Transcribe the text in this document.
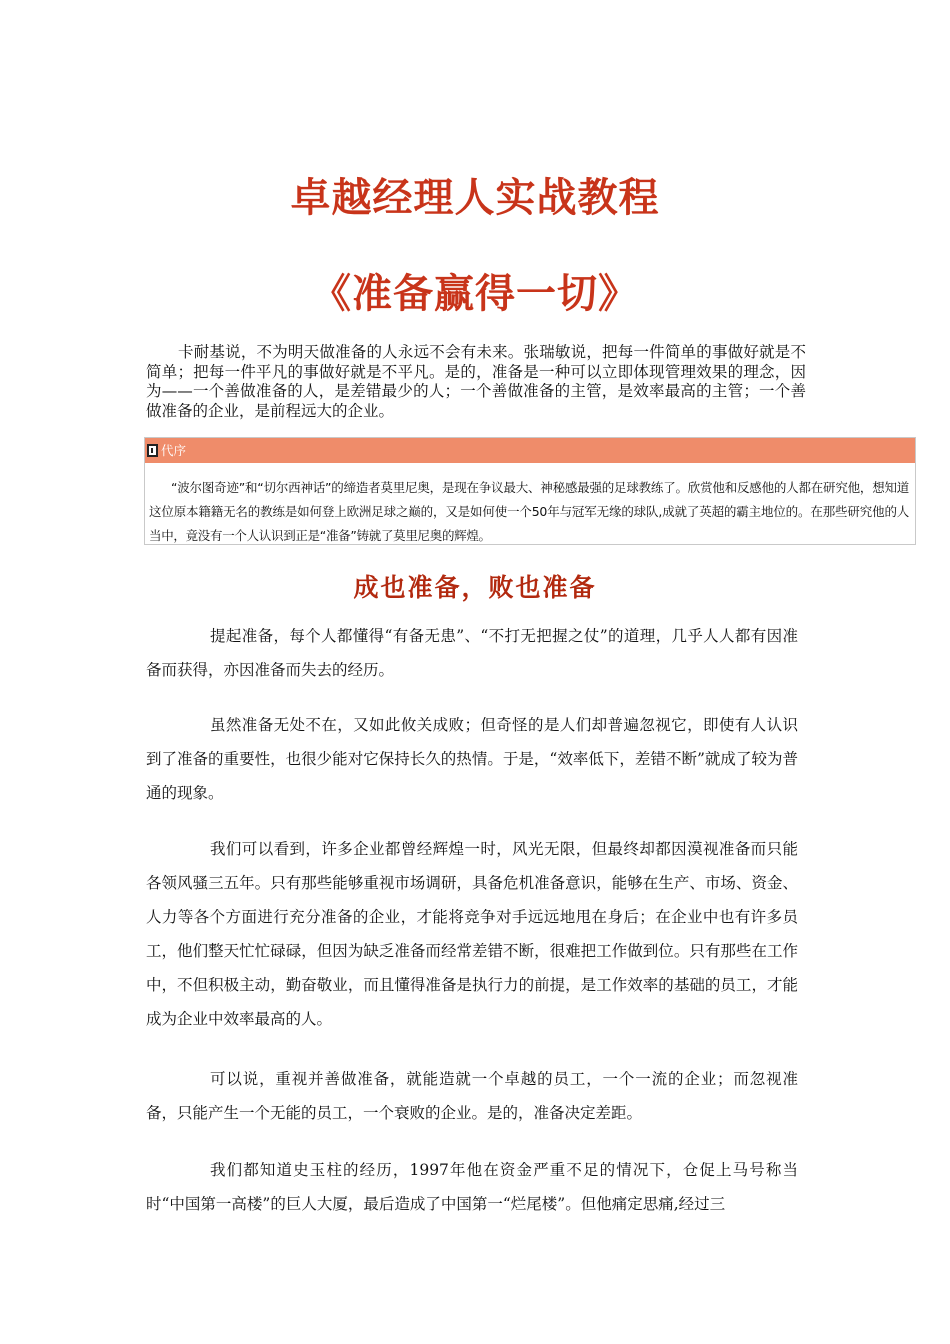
卓越经理人实战教程
《准备赢得一切》

卡耐基说，不为明天做准备的人永远不会有未来。张瑞敏说，把每一件简单的事做好就是不简单；把每一件平凡的事做好就是不平凡。是的，准备是一种可以立即体现管理效果的理念，因为——一个善做准备的人，是差错最少的人；一个善做准备的主管，是效率最高的主管；一个善做准备的企业，是前程远大的企业。

代序

“波尔图奇迹”和“切尔西神话”的缔造者莫里尼奥，是现在争议最大、神秘感最强的足球教练了。欣赏他和反感他的人都在研究他，想知道这位原本籍籍无名的教练是如何登上欧洲足球之巅的，又是如何使一个50年与冠军无缘的球队,成就了英超的霸主地位的。在那些研究他的人当中，竟没有一个人认识到正是“准备”铸就了莫里尼奥的辉煌。

成也准备，败也准备

提起准备，每个人都懂得“有备无患”、“不打无把握之仗”的道理，几乎人人都有因准备而获得，亦因准备而失去的经历。

虽然准备无处不在，又如此攸关成败；但奇怪的是人们却普遍忽视它，即使有人认识到了准备的重要性，也很少能对它保持长久的热情。于是，“效率低下，差错不断”就成了较为普通的现象。

我们可以看到，许多企业都曾经辉煌一时，风光无限，但最终却都因漠视准备而只能各领风骚三五年。只有那些能够重视市场调研，具备危机准备意识，能够在生产、市场、资金、人力等各个方面进行充分准备的企业，才能将竞争对手远远地甩在身后；在企业中也有许多员工，他们整天忙忙碌碌，但因为缺乏准备而经常差错不断，很难把工作做到位。只有那些在工作中，不但积极主动，勤奋敬业，而且懂得准备是执行力的前提，是工作效率的基础的员工，才能成为企业中效率最高的人。

可以说，重视并善做准备，就能造就一个卓越的员工，一个一流的企业；而忽视准备，只能产生一个无能的员工，一个衰败的企业。是的，准备决定差距。

我们都知道史玉柱的经历，1997年他在资金严重不足的情况下，仓促上马号称当时“中国第一高楼”的巨人大厦，最后造成了中国第一“烂尾楼”。但他痛定思痛,经过三
